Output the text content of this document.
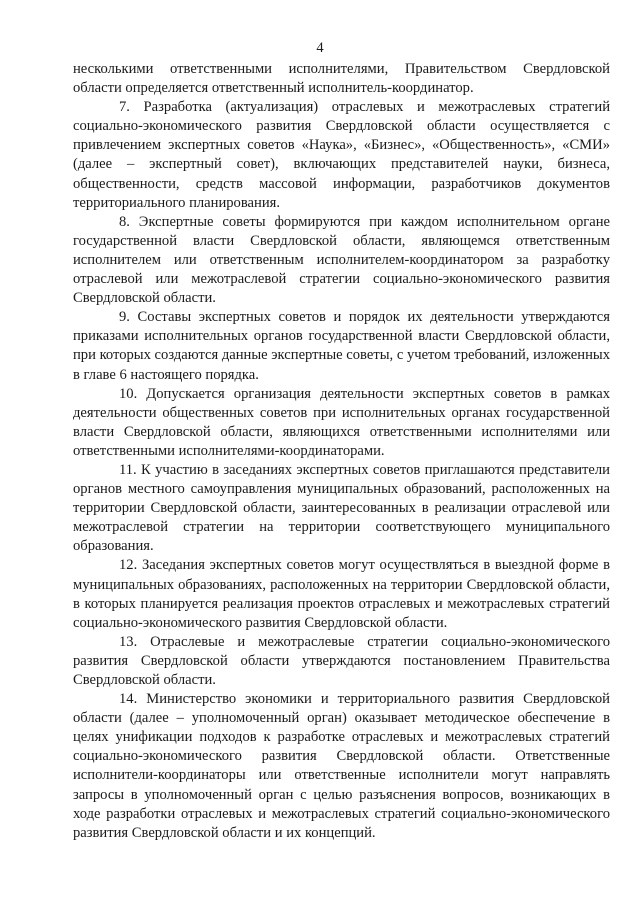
4

несколькими ответственными исполнителями, Правительством Свердловской области определяется ответственный исполнитель-координатор.

7. Разработка (актуализация) отраслевых и межотраслевых стратегий социально-экономического развития Свердловской области осуществляется с привлечением экспертных советов «Наука», «Бизнес», «Общественность», «СМИ» (далее – экспертный совет), включающих представителей науки, бизнеса, общественности, средств массовой информации, разработчиков документов территориального планирования.

8. Экспертные советы формируются при каждом исполнительном органе государственной власти Свердловской области, являющемся ответственным исполнителем или ответственным исполнителем-координатором за разработку отраслевой или межотраслевой стратегии социально-экономического развития Свердловской области.

9. Составы экспертных советов и порядок их деятельности утверждаются приказами исполнительных органов государственной власти Свердловской области, при которых создаются данные экспертные советы, с учетом требований, изложенных в главе 6 настоящего порядка.

10. Допускается организация деятельности экспертных советов в рамках деятельности общественных советов при исполнительных органах государственной власти Свердловской области, являющихся ответственными исполнителями или ответственными исполнителями-координаторами.

11. К участию в заседаниях экспертных советов приглашаются представители органов местного самоуправления муниципальных образований, расположенных на территории Свердловской области, заинтересованных в реализации отраслевой или межотраслевой стратегии на территории соответствующего муниципального образования.

12. Заседания экспертных советов могут осуществляться в выездной форме в муниципальных образованиях, расположенных на территории Свердловской области, в которых планируется реализация проектов отраслевых и межотраслевых стратегий социально-экономического развития Свердловской области.

13. Отраслевые и межотраслевые стратегии социально-экономического развития Свердловской области утверждаются постановлением Правительства Свердловской области.

14. Министерство экономики и территориального развития Свердловской области (далее – уполномоченный орган) оказывает методическое обеспечение в целях унификации подходов к разработке отраслевых и межотраслевых стратегий социально-экономического развития Свердловской области. Ответственные исполнители-координаторы или ответственные исполнители могут направлять запросы в уполномоченный орган с целью разъяснения вопросов, возникающих в ходе разработки отраслевых и межотраслевых стратегий социально-экономического развития Свердловской области и их концепций.
